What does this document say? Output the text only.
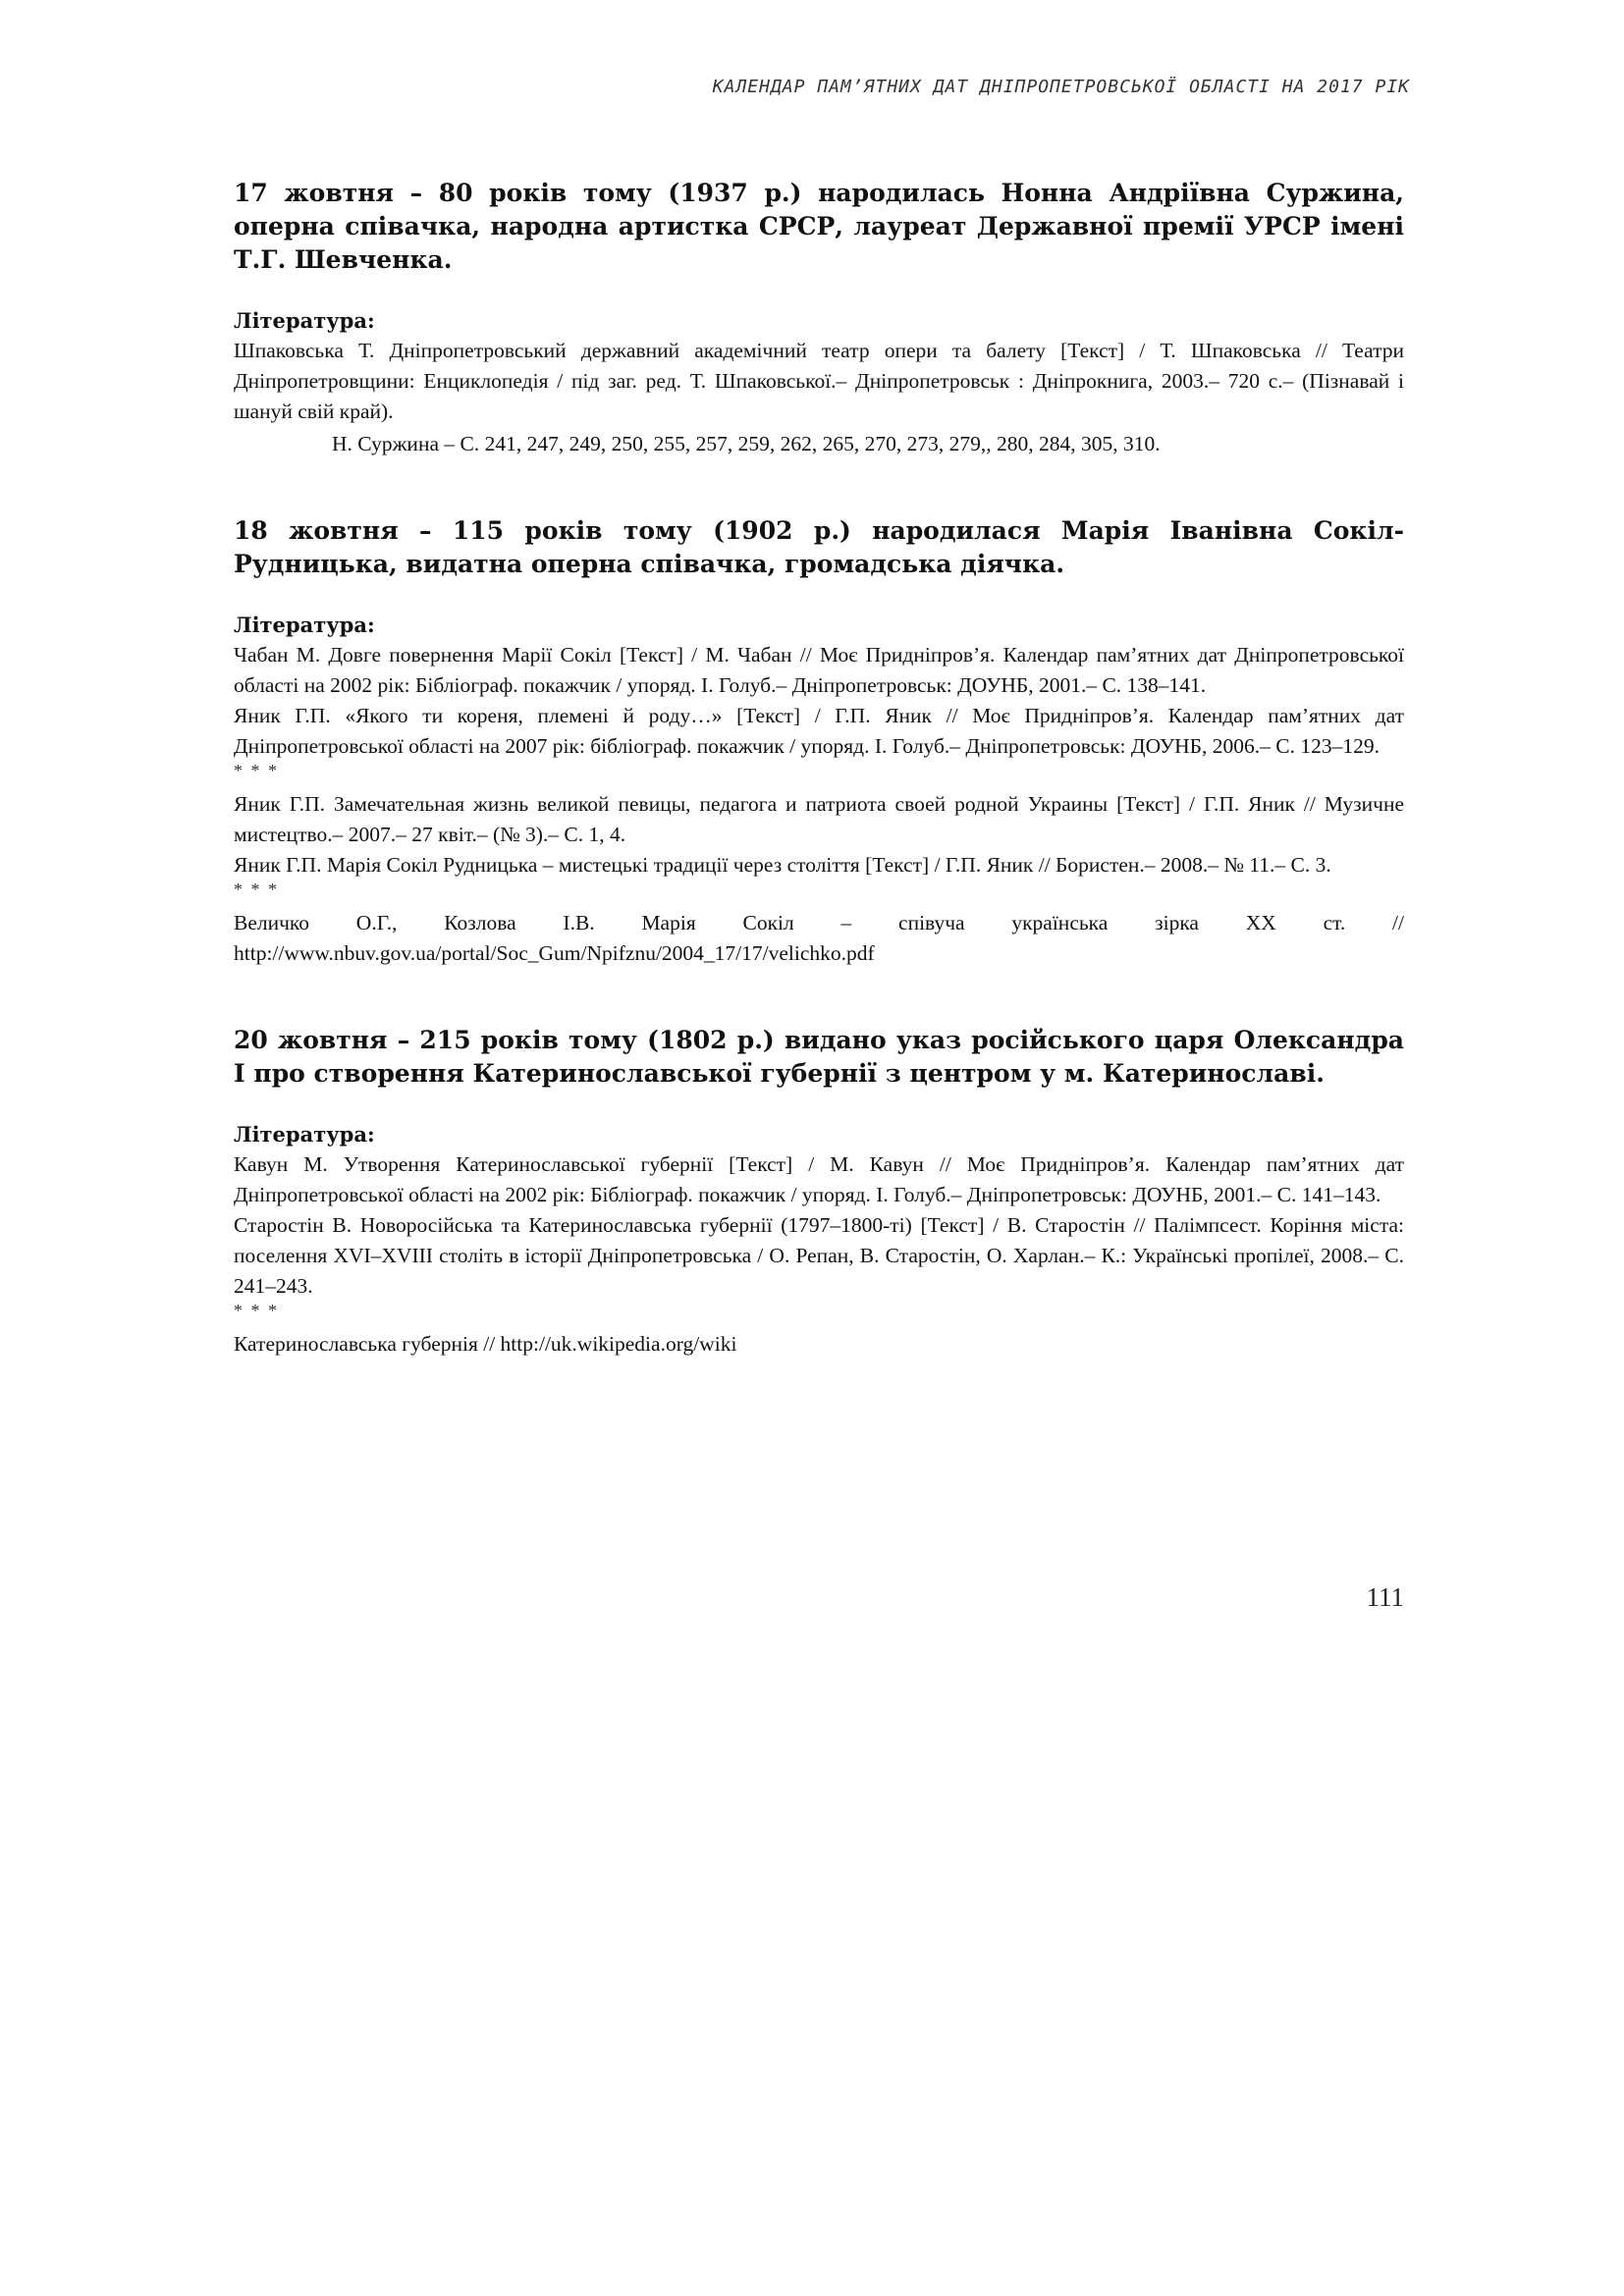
КАЛЕНДАР ПАМ’ЯТНИХ ДАТ ДНІПРОПЕТРОВСЬКОЇ ОБЛАСТІ НА 2017 РІК

17 жовтня – 80 років тому (1937 р.) народилась Нонна Андріївна Суржина, оперна співачка, народна артистка СРСР, лауреат Державної премії УРСР імені Т.Г. Шевченка.

Література:

Шпаковська Т. Дніпропетровський державний академічний театр опери та балету [Текст] / Т. Шпаковська // Театри Дніпропетровщини: Енциклопедія / під заг. ред. Т. Шпаковської.– Дніпропетровськ : Дніпрокнига, 2003.– 720 с.– (Пізнавай і шануй свій край).

Н. Суржина – С. 241, 247, 249, 250, 255, 257, 259, 262, 265, 270, 273, 279,, 280, 284, 305, 310.

18 жовтня – 115 років тому (1902 р.) народилася Марія Іванівна Сокіл-Рудницька, видатна оперна співачка, громадська діячка.

Література:

Чабан М. Довге повернення Марії Сокіл [Текст] / М. Чабан // Моє Придніпров’я. Календар пам’ятних дат Дніпропетровської області на 2002 рік: Бібліограф. покажчик / упоряд. І. Голуб.– Дніпропетровськ: ДОУНБ, 2001.– С. 138–141.

Яник Г.П. «Якого ти кореня, племені й роду…» [Текст] / Г.П. Яник // Моє Придніпров’я. Календар пам’ятних дат Дніпропетровської області на 2007 рік: бібліограф. покажчик / упоряд. І. Голуб.– Дніпропетровськ: ДОУНБ, 2006.– С. 123–129.

* * *

Яник Г.П. Замечательная жизнь великой певицы, педагога и патриота своей родной Украины [Текст] / Г.П. Яник // Музичне мистецтво.– 2007.– 27 квіт.– (№ 3).– С. 1, 4.

Яник Г.П. Марія Сокіл Рудницька – мистецькі традиції через століття [Текст] / Г.П. Яник // Бористен.– 2008.– № 11.– С. 3.

* * *

Величко О.Г., Козлова І.В. Марія Сокіл – співуча українська зірка XX ст. // http://www.nbuv.gov.ua/portal/Soc_Gum/Npifznu/2004_17/17/velichko.pdf

20 жовтня – 215 років тому (1802 р.) видано указ російського царя Олександра I про створення Катеринославської губернії з центром у м. Катеринославі.

Література:

Кавун М. Утворення Катеринославської губернії [Текст] / М. Кавун // Моє Придніпров’я. Календар пам’ятних дат Дніпропетровської області на 2002 рік: Бібліограф. покажчик / упоряд. І. Голуб.– Дніпропетровськ: ДОУНБ, 2001.– С. 141–143.

Старостін В. Новоросійська та Катеринославська губернії (1797–1800-ті) [Текст] / В. Старостін // Палімпсест. Коріння міста: поселення XVI–XVIII століть в історії Дніпропетровська / О. Репан, В. Старостін, О. Харлан.– К.: Українські пропілеї, 2008.– С. 241–243.

* * *

Катеринославська губернія // http://uk.wikipedia.org/wiki

111
